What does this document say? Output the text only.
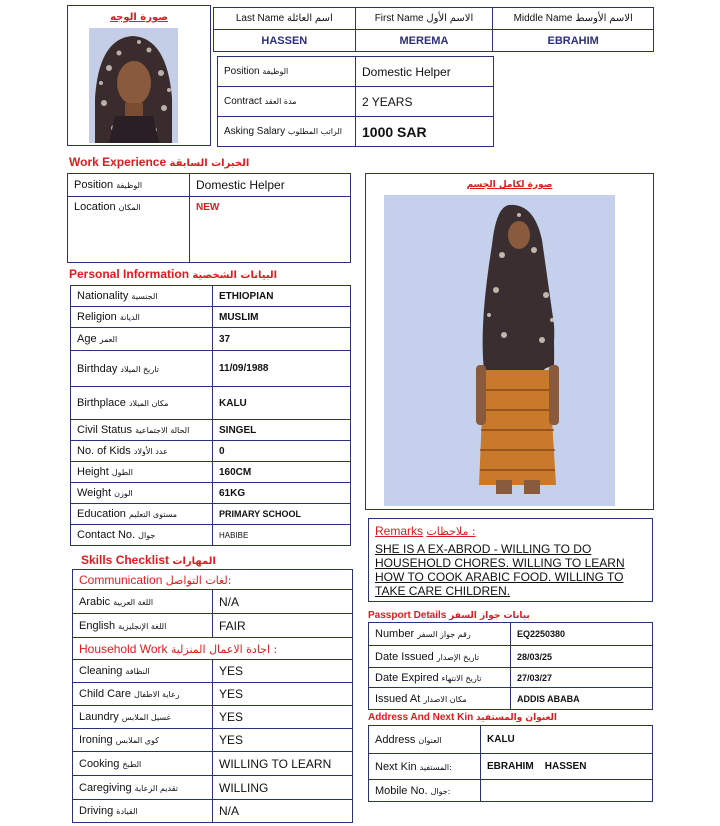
صورة الوجه	Last Name اسم العائلة	First Name الاسم الأول	Middle Name الاسم الأوسط
HASSEN	MEREMA	EBRAHIM
Position الوظيفة	Domestic Helper
Contract مدة العقد	2 YEARS
Asking Salary الراتب المطلوب	1000 SAR
Work Experience الخبرات السابقة
Position الوظيفة	Domestic Helper
Location المكان	NEW
Personal Information البيانات الشخصية
Nationality الجنسية	ETHIOPIAN
Religion الديانة	MUSLIM
Age العمر	37
Birthday تاريخ الميلاد	11/09/1988
Birthplace مكان الميلاد	KALU
Civil Status الحالة الاجتماعية	SINGEL
No. of Kids عدد الأولاد	0
Height الطول	160CM
Weight الوزن	61KG
Education مستوى التعليم	PRIMARY SCHOOL
Contact No. جوال	HABIBE
Skills Checklist المهارات
Communication لغات التواصل:	
Arabic اللغة العربية	N/A
English اللغة الإنجليزية	FAIR
Household Work اجادة الاعمال المنزلية :	
Cleaning النظافة	YES
Child Care رعاية الاطفال	YES
Laundry غسيل الملابس	YES
Ironing كوي الملابس	YES
Cooking الطبخ	WILLING TO LEARN
Caregiving تقديم الرعاية	WILLING
Driving القيادة	N/A
صورة لكامل الجسم
Remarks ملاحظات :
SHE IS A EX-ABROD - WILLING TO DO
HOUSEHOLD CHORES. WILLING TO LEARN
HOW TO COOK ARABIC FOOD. WILLING TO
TAKE CARE CHILDREN.
Passport Details بيانات جواز السفر
Number رقم جواز السفر	EQ2250380
Date Issued تاريخ الإصدار	28/03/25
Date Expired تاريخ الانتهاء	27/03/27
Issued At مكان الاصدار	ADDIS ABABA
Address And Next Kin العنوان والمستفيد
Address العنوان	KALU
Next Kin المستفيد:	EBRAHIM    HASSEN
Mobile No. جوال:	
